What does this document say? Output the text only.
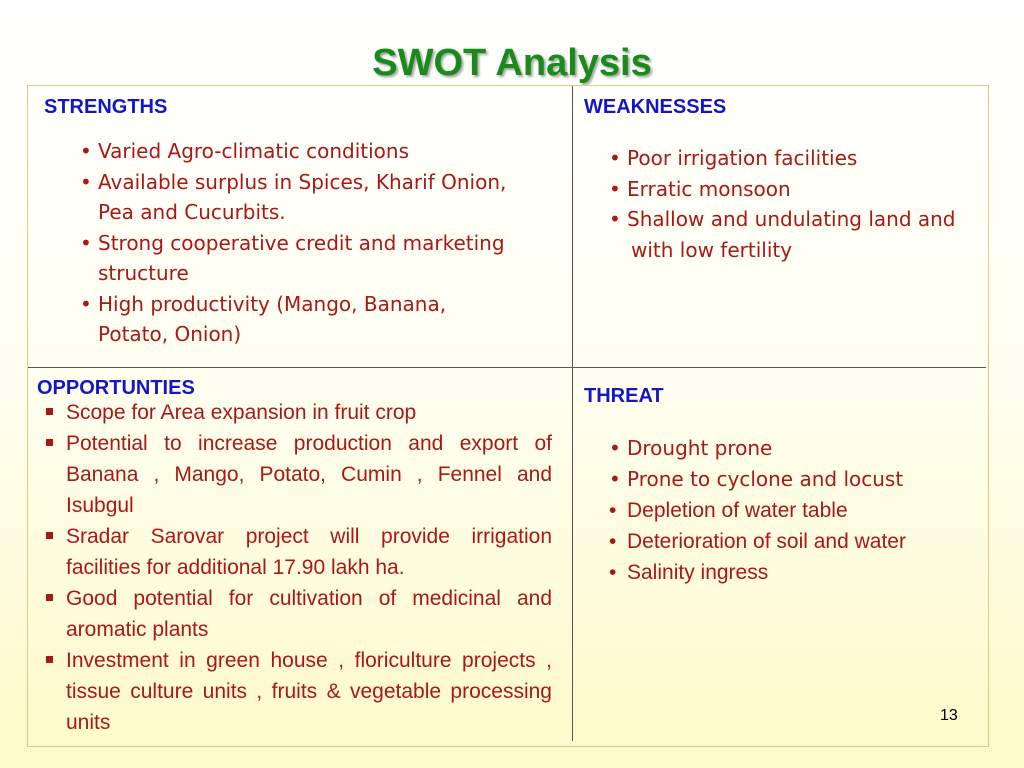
SWOT Analysis
STRENGTHS
• Varied Agro-climatic conditions
• Available surplus in Spices, Kharif Onion, Pea and Cucurbits.
• Strong cooperative credit and marketing structure
• High productivity (Mango, Banana, Potato, Onion)
WEAKNESSES
• Poor irrigation facilities
• Erratic monsoon
• Shallow and undulating land and
with low fertility
OPPORTUNTIES
Scope for Area expansion in fruit crop
Potential to increase production and export of Banana , Mango, Potato, Cumin , Fennel and Isubgul
Sradar Sarovar project will provide irrigation facilities for additional 17.90 lakh ha.
Good potential for cultivation of medicinal and aromatic plants
Investment in green house , floriculture projects , tissue culture units , fruits & vegetable processing units
THREAT
• Drought prone
• Prone to cyclone and locust
• Depletion of water table
• Deterioration of soil and water
• Salinity ingress
13
